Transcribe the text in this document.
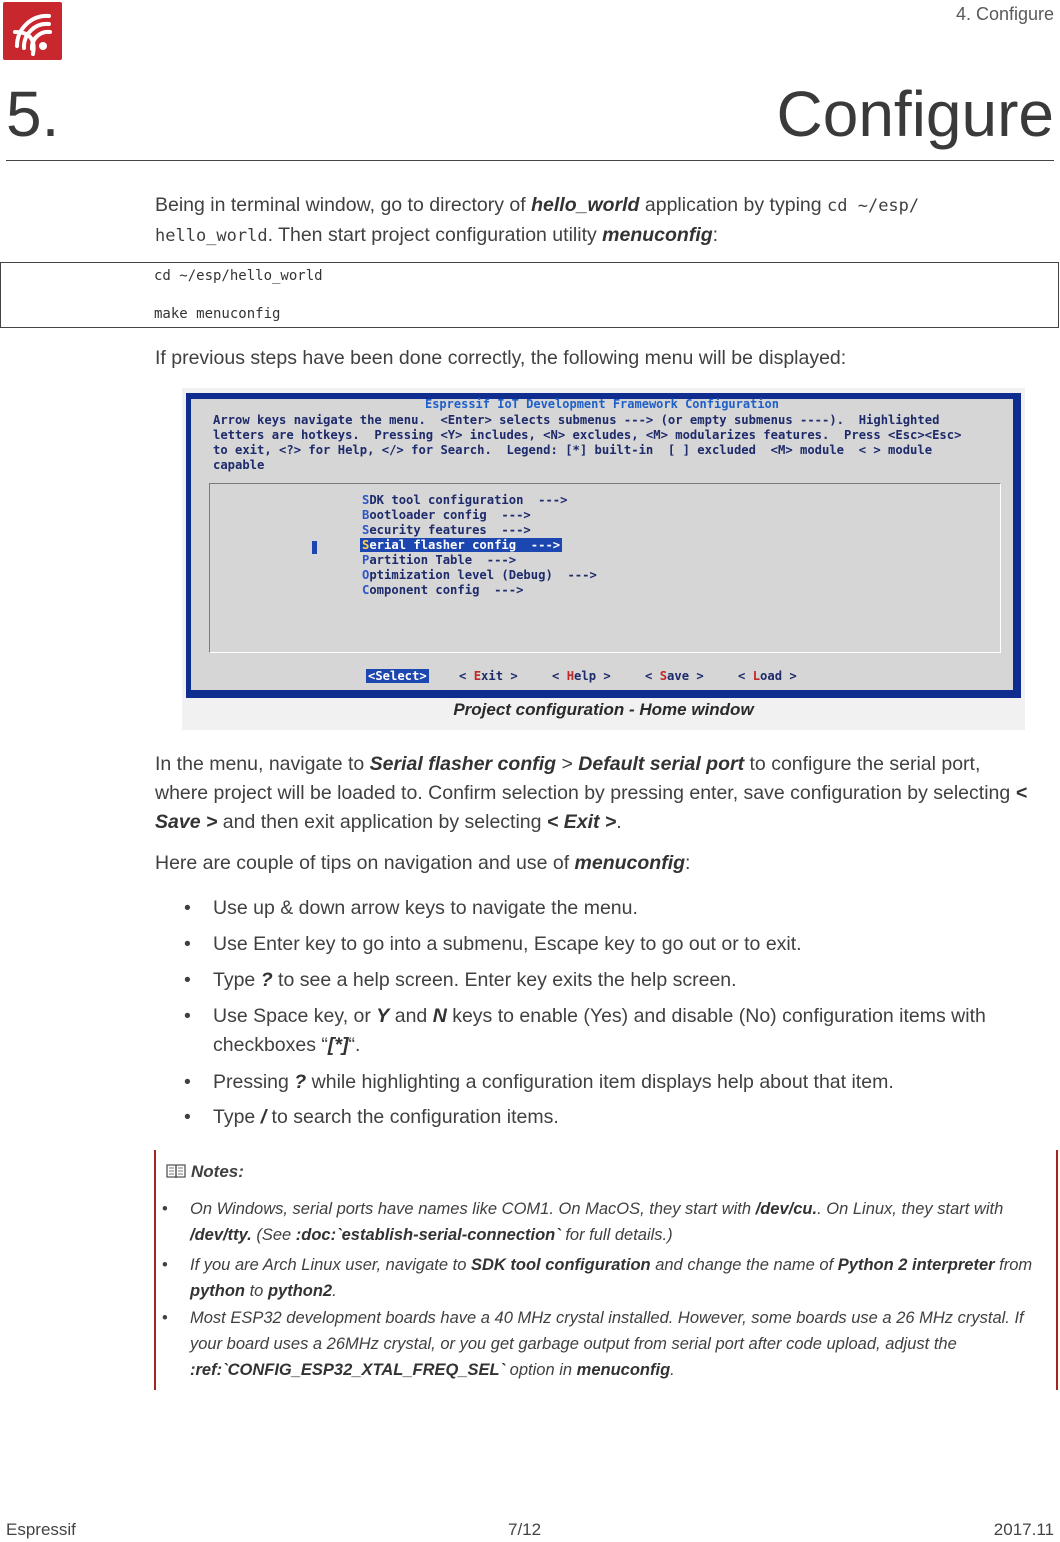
4. Configure
5.	Configure
Being in terminal window, go to directory of hello_world application by typing cd ~/esp/
hello_world. Then start project configuration utility menuconfig:
cd ~/esp/hello_world
make menuconfig
If previous steps have been done correctly, the following menu will be displayed:
Espressif IoT Development Framework Configuration
Arrow keys navigate the menu.  <Enter> selects submenus ---> (or empty submenus ----).  Highlighted
letters are hotkeys.  Pressing <Y> includes, <N> excludes, <M> modularizes features.  Press <Esc><Esc>
to exit, <?> for Help, </> for Search.  Legend: [*] built-in  [ ] excluded  <M> module  < > module
capable
SDK tool configuration  --->
Bootloader config  --->
Security features  --->
Serial flasher config  --->
Partition Table  --->
Optimization level (Debug)  --->
Component config  --->

<Select>

	< Exit >

	< Help >

	< Save >

	< Load >

Project configuration - Home window
In the menu, navigate to Serial flasher config > Default serial port to configure the serial port, where project will be loaded to. Confirm selection by pressing enter, save configuration by selecting < Save > and then exit application by selecting < Exit >.
Here are couple of tips on navigation and use of menuconfig:
• Use up & down arrow keys to navigate the menu.
• Use Enter key to go into a submenu, Escape key to go out or to exit.
• Type ? to see a help screen. Enter key exits the help screen.
• Use Space key, or Y and N keys to enable (Yes) and disable (No) configuration items with checkboxes “[*]“.
• Pressing ? while highlighting a configuration item displays help about that item.
• Type / to search the configuration items.
Notes:
• On Windows, serial ports have names like COM1. On MacOS, they start with /dev/cu.. On Linux, they start with /dev/tty. (See :doc:`establish-serial-connection` for full details.)
• If you are Arch Linux user, navigate to SDK tool configuration and change the name of Python 2 interpreter from python to python2.
• Most ESP32 development boards have a 40 MHz crystal installed. However, some boards use a 26 MHz crystal. If your board uses a 26MHz crystal, or you get garbage output from serial port after code upload, adjust the :ref:`CONFIG_ESP32_XTAL_FREQ_SEL` option in menuconfig.
Espressif	7/12	2017.11
